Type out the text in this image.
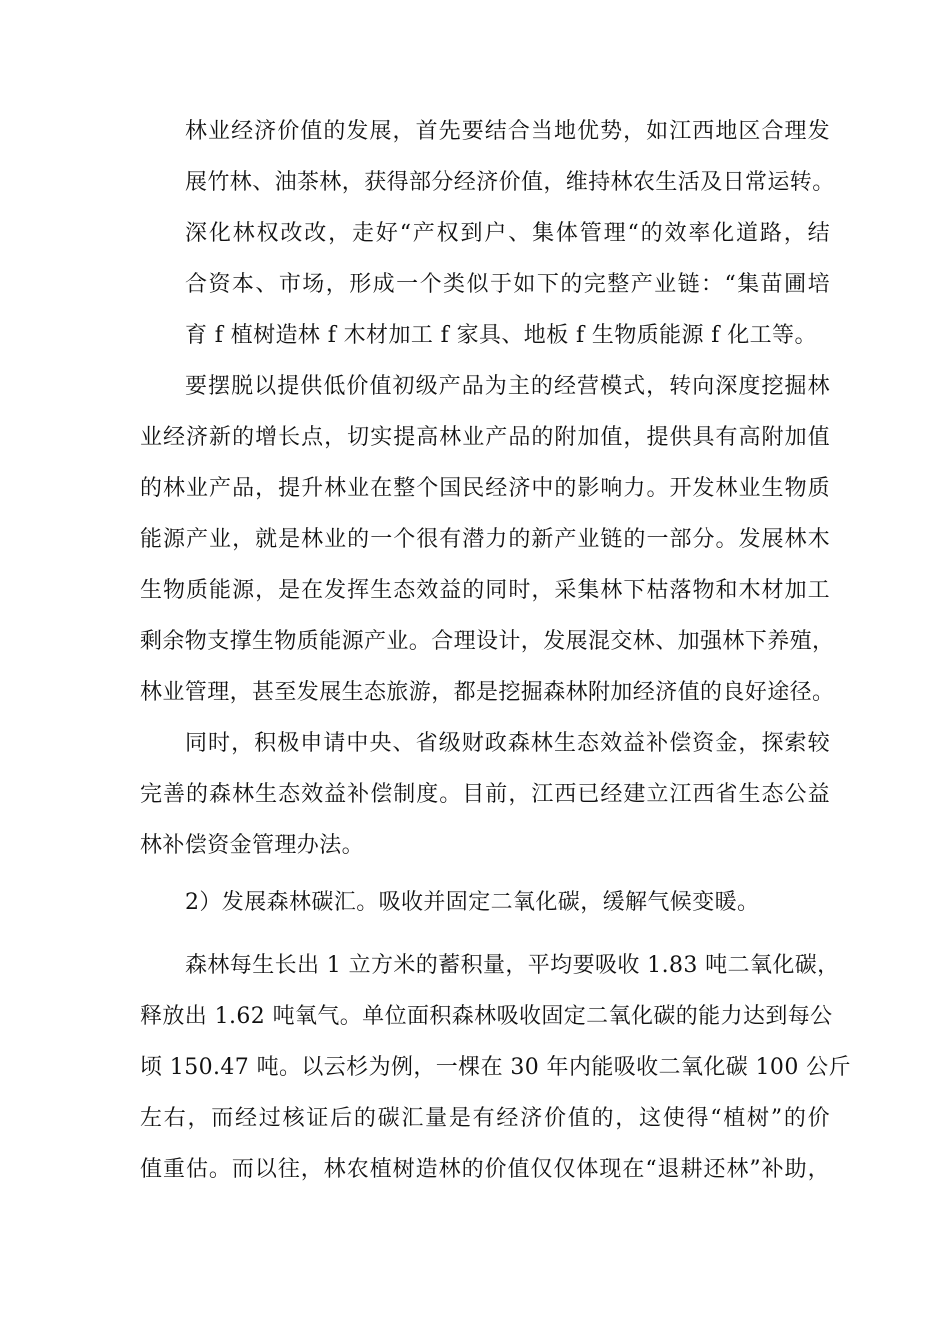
林业经济价值的发展，首先要结合当地优势，如江西地区合理发
展竹林、油茶林，获得部分经济价值，维持林农生活及日常运转。
深化林权改改，走好“产权到户、集体管理“的效率化道路，结
合资本、市场，形成一个类似于如下的完整产业链：“集苗圃培
育 f 植树造林 f 木材加工 f 家具、地板 f 生物质能源 f 化工等。
要摆脱以提供低价值初级产品为主的经营模式，转向深度挖掘林
业经济新的增长点，切实提高林业产品的附加值，提供具有高附加值
的林业产品，提升林业在整个国民经济中的影响力。开发林业生物质
能源产业，就是林业的一个很有潜力的新产业链的一部分。发展林木
生物质能源，是在发挥生态效益的同时，采集林下枯落物和木材加工
剩余物支撑生物质能源产业。合理设计，发展混交林、加强林下养殖，
林业管理，甚至发展生态旅游，都是挖掘森林附加经济值的良好途径。
同时，积极申请中央、省级财政森林生态效益补偿资金，探索较
完善的森林生态效益补偿制度。目前，江西已经建立江西省生态公益
林补偿资金管理办法。
2）发展森林碳汇。吸收并固定二氧化碳，缓解气候变暖。
森林每生长出 1 立方米的蓄积量，平均要吸收 1.83 吨二氧化碳，
释放出 1.62 吨氧气。单位面积森林吸收固定二氧化碳的能力达到每公
顷 150.47 吨。以云杉为例，一棵在 30 年内能吸收二氧化碳 100 公斤
左右，而经过核证后的碳汇量是有经济价值的，这使得“植树”的价
值重估。而以往，林农植树造林的价值仅仅体现在“退耕还林”补助，
